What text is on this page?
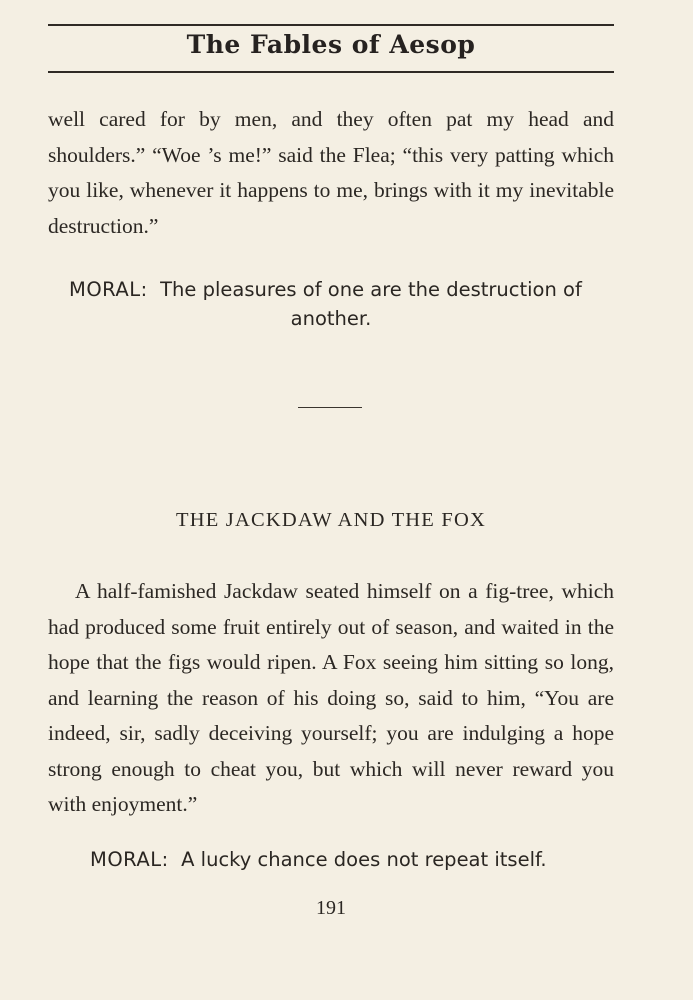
The Fables of Aesop

well cared for by men, and they often pat my head and shoulders.” “Woe ’s me!” said the Flea; “this very patting which you like, whenever it happens to me, brings with it my inevitable destruction.”

MORAL: The pleasures of one are the destruction of
another.
THE JACKDAW AND THE FOX

A half-famished Jackdaw seated himself on a fig-tree, which had produced some fruit entirely out of season, and waited in the hope that the figs would ripen. A Fox seeing him sitting so long, and learning the reason of his doing so, said to him, “You are indeed, sir, sadly deceiving yourself; you are indulging a hope strong enough to cheat you, but which will never reward you with enjoyment.”

MORAL: A lucky chance does not repeat itself.
191
